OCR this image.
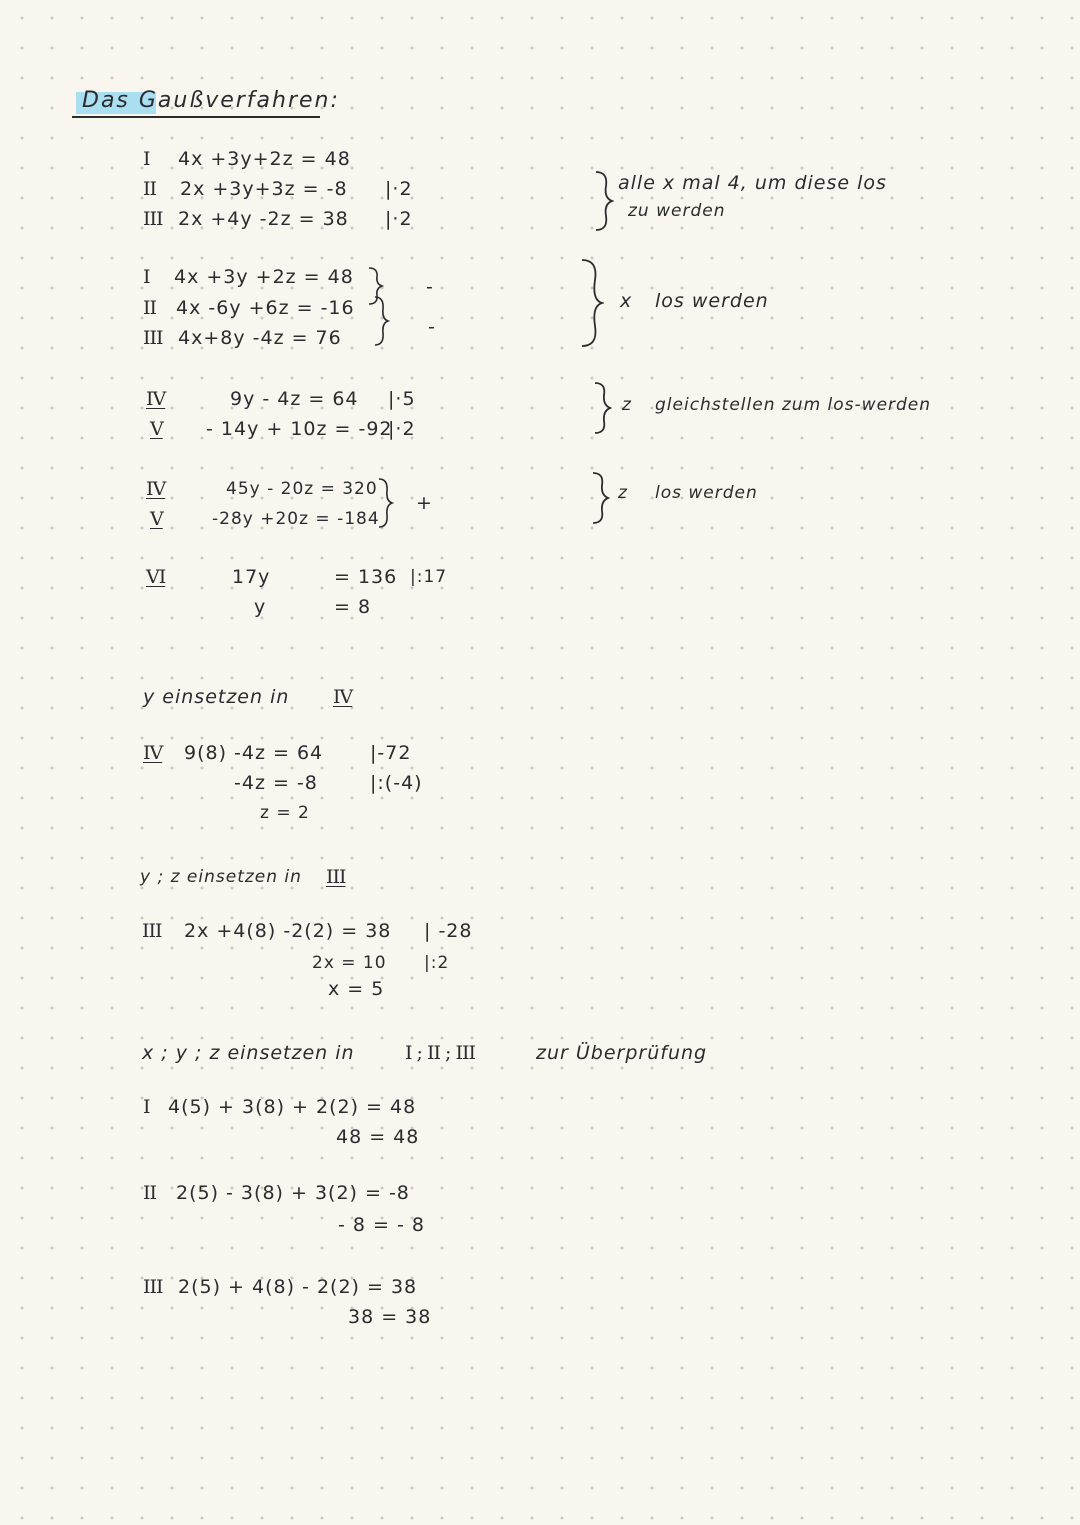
Das Gaußverfahren:
I 4x +3y+2z = 48
II 2x +3y+3z = -8 |·2
III 2x +4y -2z = 38 |·2
alle x mal 4, um diese los
zu werden
I 4x +3y +2z = 48
II 4x -6y +6z = -16
III 4x+8y -4z = 76
-
-
x los werden
IV	9y - 4z = 64 |·5
V - 14y + 10z = -92
|·2
z gleichstellen zum los-werden
IV	45y - 20z = 320
V	-28y +20z = -184
+	z los werden
VI	17y	= 136 |:17
y	= 8
y einsetzen in IV
IV 9(8) -4z = 64 |-72
-4z = -8	|:(-4)
z = 2
y ; z einsetzen in III
III 2x +4(8) -2(2) = 38 | -28
2x = 10 |:2
x = 5
x ; y ; z einsetzen in	I ; II ; III	zur Überprüfung
I 4(5) + 3(8) + 2(2) = 48
48 = 48
II 2(5) - 3(8) + 3(2) = -8
- 8 = - 8
III 2(5) + 4(8) - 2(2) = 38
38 = 38
